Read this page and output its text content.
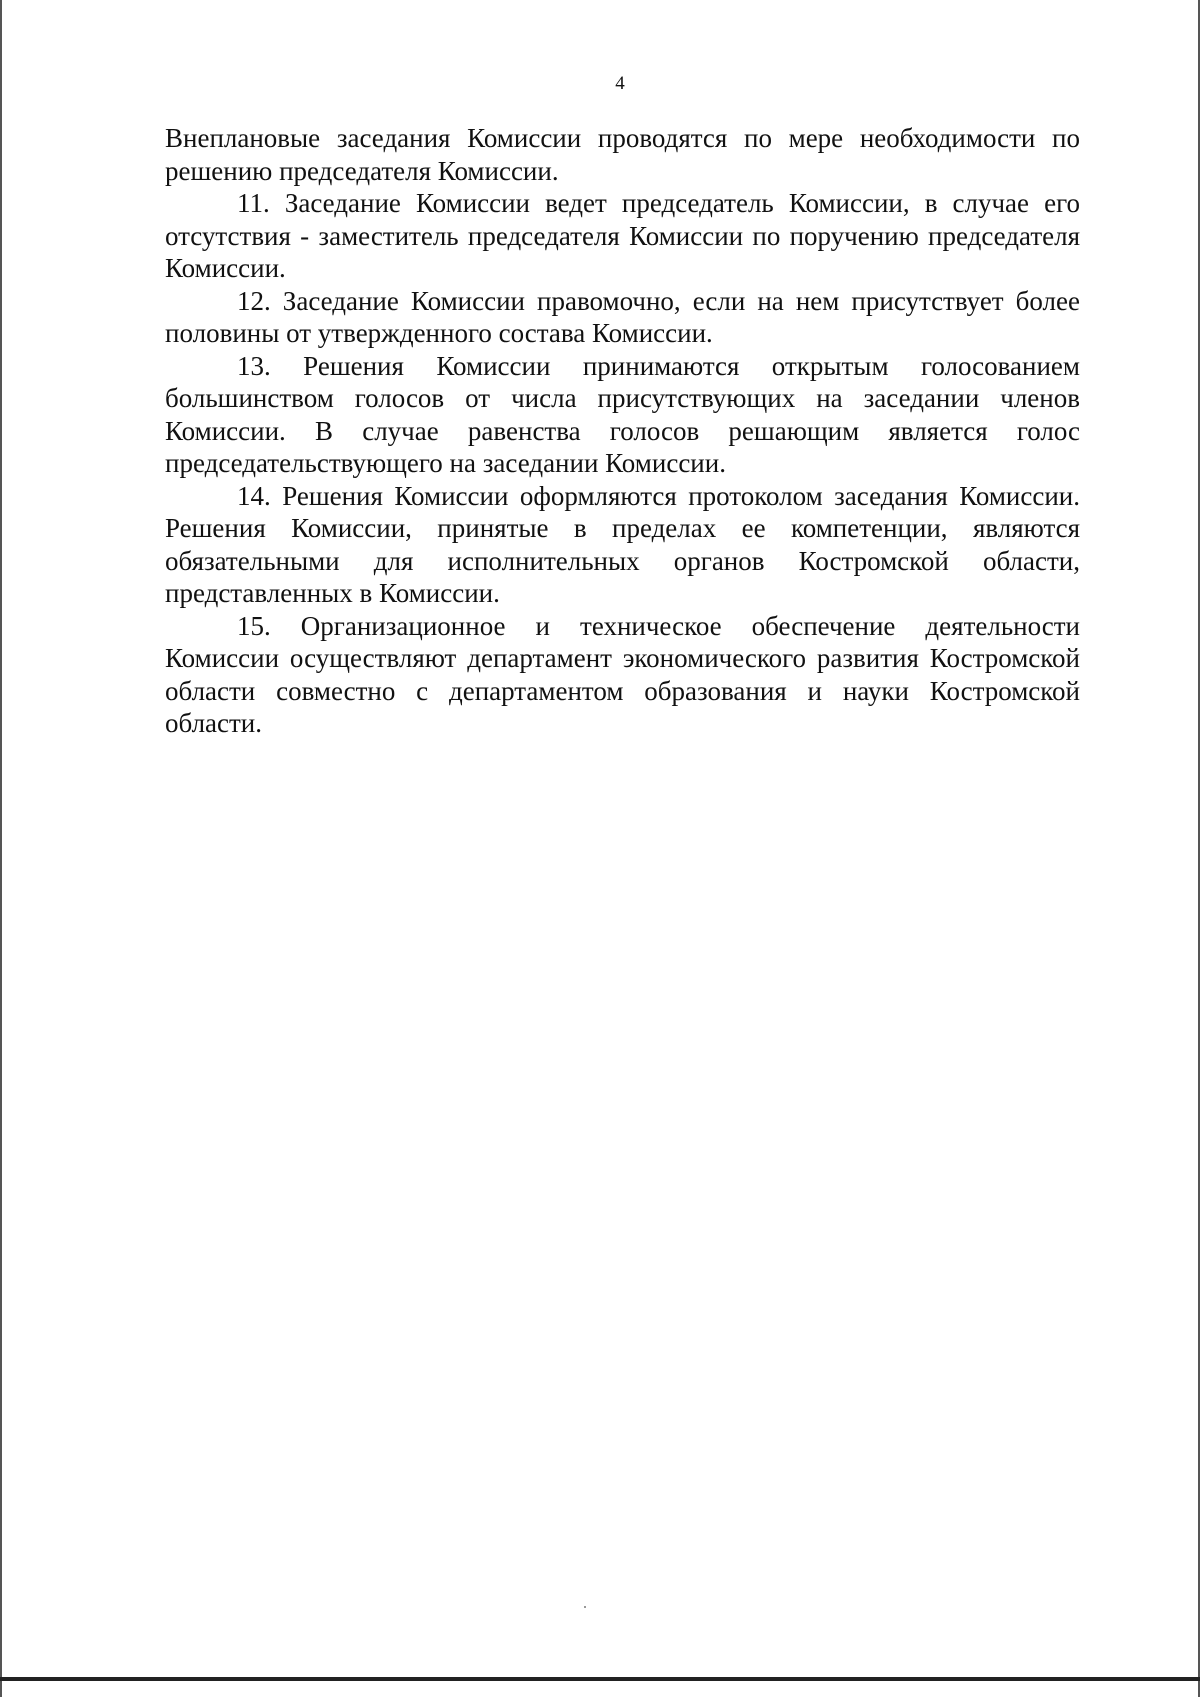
4

Внеплановые заседания Комиссии проводятся по мере необходимости по решению председателя Комиссии.

11. Заседание Комиссии ведет председатель Комиссии, в случае его отсутствия - заместитель председателя Комиссии по поручению председателя Комиссии.

12. Заседание Комиссии правомочно, если на нем присутствует более половины от утвержденного состава Комиссии.

13. Решения Комиссии принимаются открытым голосованием большинством голосов от числа присутствующих на заседании членов Комиссии. В случае равенства голосов решающим является голос председательствующего на заседании Комиссии.

14. Решения Комиссии оформляются протоколом заседания Комиссии. Решения Комиссии, принятые в пределах ее компетенции, являются обязательными для исполнительных органов Костромской области, представленных в Комиссии.

15. Организационное и техническое обеспечение деятельности Комиссии осуществляют департамент экономического развития Костромской области совместно с департаментом образования и науки Костромской области.
